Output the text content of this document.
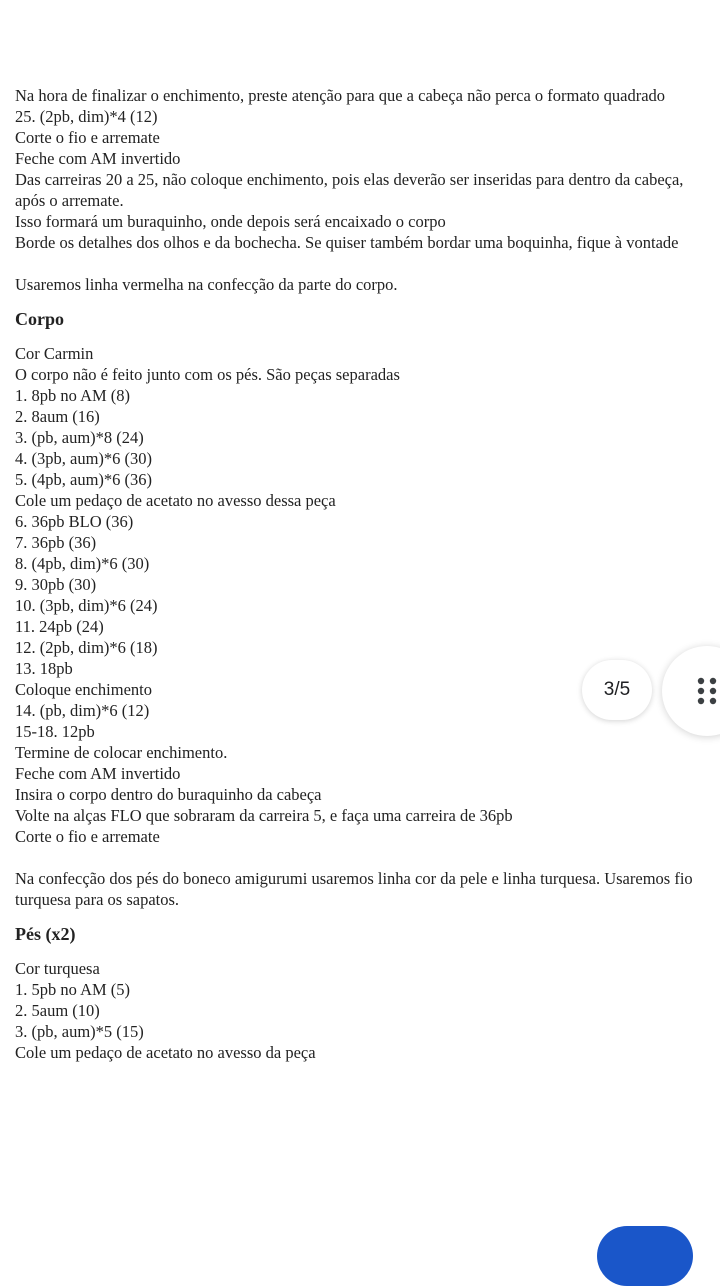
Na hora de finalizar o enchimento, preste atenção para que a cabeça não perca o formato quadrado
25. (2pb, dim)*4 (12)
Corte o fio e arremate
Feche com AM invertido
Das carreiras 20 a 25, não coloque enchimento, pois elas deverão ser inseridas para dentro da cabeça, após o arremate.
Isso formará um buraquinho, onde depois será encaixado o corpo
Borde os detalhes dos olhos e da bochecha. Se quiser também bordar uma boquinha, fique à vontade
Usaremos linha vermelha na confecção da parte do corpo.
Corpo
Cor Carmin
O corpo não é feito junto com os pés. São peças separadas
1. 8pb no AM (8)
2. 8aum (16)
3. (pb, aum)*8 (24)
4. (3pb, aum)*6 (30)
5. (4pb, aum)*6 (36)
Cole um pedaço de acetato no avesso dessa peça
6. 36pb BLO (36)
7. 36pb (36)
8. (4pb, dim)*6 (30)
9. 30pb (30)
10. (3pb, dim)*6 (24)
11. 24pb (24)
12. (2pb, dim)*6 (18)
13. 18pb
Coloque enchimento
14. (pb, dim)*6 (12)
15-18. 12pb
Termine de colocar enchimento.
Feche com AM invertido
Insira o corpo dentro do buraquinho da cabeça
Volte na alças FLO que sobraram da carreira 5, e faça uma carreira de 36pb
Corte o fio e arremate
Na confecção dos pés do boneco amigurumi usaremos linha cor da pele e linha turquesa. Usaremos fio turquesa para os sapatos.
Pés (x2)
Cor turquesa
1. 5pb no AM (5)
2. 5aum (10)
3. (pb, aum)*5 (15)
Cole um pedaço de acetato no avesso da peça
3/5
